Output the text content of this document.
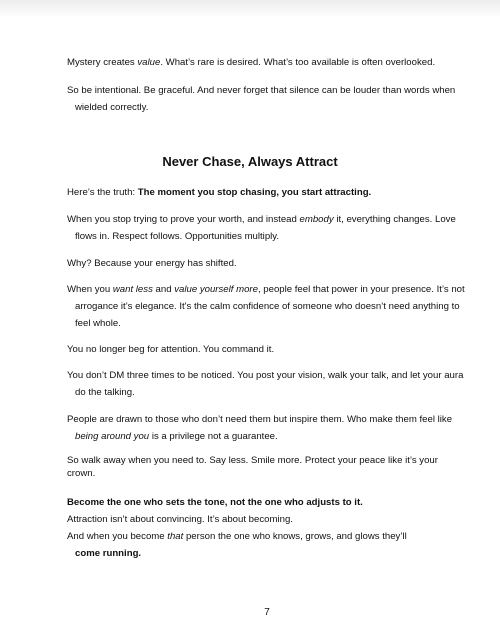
Mystery creates value. What’s rare is desired. What’s too available is often overlooked.

So be intentional. Be graceful. And never forget that silence can be louder than words when
wielded correctly.

Never Chase, Always Attract

Here’s the truth: The moment you stop chasing, you start attracting.

When you stop trying to prove your worth, and instead embody it, everything changes. Love
flows in. Respect follows. Opportunities multiply.

Why? Because your energy has shifted.

When you want less and value yourself more, people feel that power in your presence. It’s not
arrogance it’s elegance. It's the calm confidence of someone who doesn’t need anything to
feel whole.

You no longer beg for attention. You command it.

You don’t DM three times to be noticed. You post your vision, walk your talk, and let your aura
do the talking.

People are drawn to those who don’t need them but inspire them. Who make them feel like
being around you is a privilege not a guarantee.

So walk away when you need to. Say less. Smile more. Protect your peace like it’s your
crown.

Become the one who sets the tone, not the one who adjusts to it.

Attraction isn’t about convincing. It’s about becoming.

And when you become that person the one who knows, grows, and glows they’ll
come running.

7
